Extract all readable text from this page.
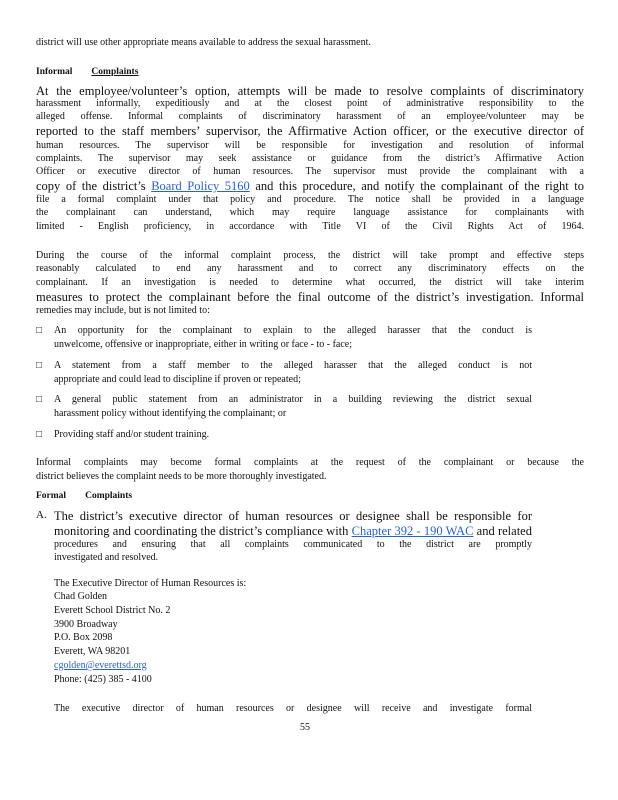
district will use other appropriate means available to address the sexual harassment.
Informal Complaints
At the employee/volunteer’s option, attempts will be made to resolve complaints of discriminatory
harassment informally, expeditiously and at the closest point of administrative responsibility to the
alleged offense. Informal complaints of discriminatory harassment of an employee/volunteer may be
reported to the staff members’ supervisor, the Affirmative Action officer, or the executive director of
human resources. The supervisor will be responsible for investigation and resolution of informal
complaints. The supervisor may seek assistance or guidance from the district’s Affirmative Action
Officer or executive director of human resources. The supervisor must provide the complainant with a
copy of the district’s Board Policy 5160 and this procedure, and notify the complainant of the right to
file a formal complaint under that policy and procedure. The notice shall be provided in a language
the complainant can understand, which may require language assistance for complainants with
limited - English proficiency, in accordance with Title VI of the Civil Rights Act of 1964.
During the course of the informal complaint process, the district will take prompt and effective steps
reasonably calculated to end any harassment and to correct any discriminatory effects on the
complainant. If an investigation is needed to determine what occurred, the district will take interim
measures to protect the complainant before the final outcome of the district’s investigation. Informal
remedies may include, but is not limited to:
□ An opportunity for the complainant to explain to the alleged harasser that the conduct is
unwelcome, offensive or inappropriate, either in writing or face - to - face;
□ A statement from a staff member to the alleged harasser that the alleged conduct is not
appropriate and could lead to discipline if proven or repeated;
□ A general public statement from an administrator in a building reviewing the district sexual
harassment policy without identifying the complainant; or
□ Providing staff and/or student training.
Informal complaints may become formal complaints at the request of the complainant or because the
district believes the complaint needs to be more thoroughly investigated.
Formal Complaints
A. The district’s executive director of human resources or designee shall be responsible for
monitoring and coordinating the district’s compliance with Chapter 392 - 190 WAC and related
procedures and ensuring that all complaints communicated to the district are promptly
investigated and resolved.
The Executive Director of Human Resources is:
Chad Golden
Everett School District No. 2
3900 Broadway
P.O. Box 2098
Everett, WA 98201
cgolden@everettsd.org
Phone: (425) 385 - 4100
The executive director of human resources or designee will receive and investigate formal
55
